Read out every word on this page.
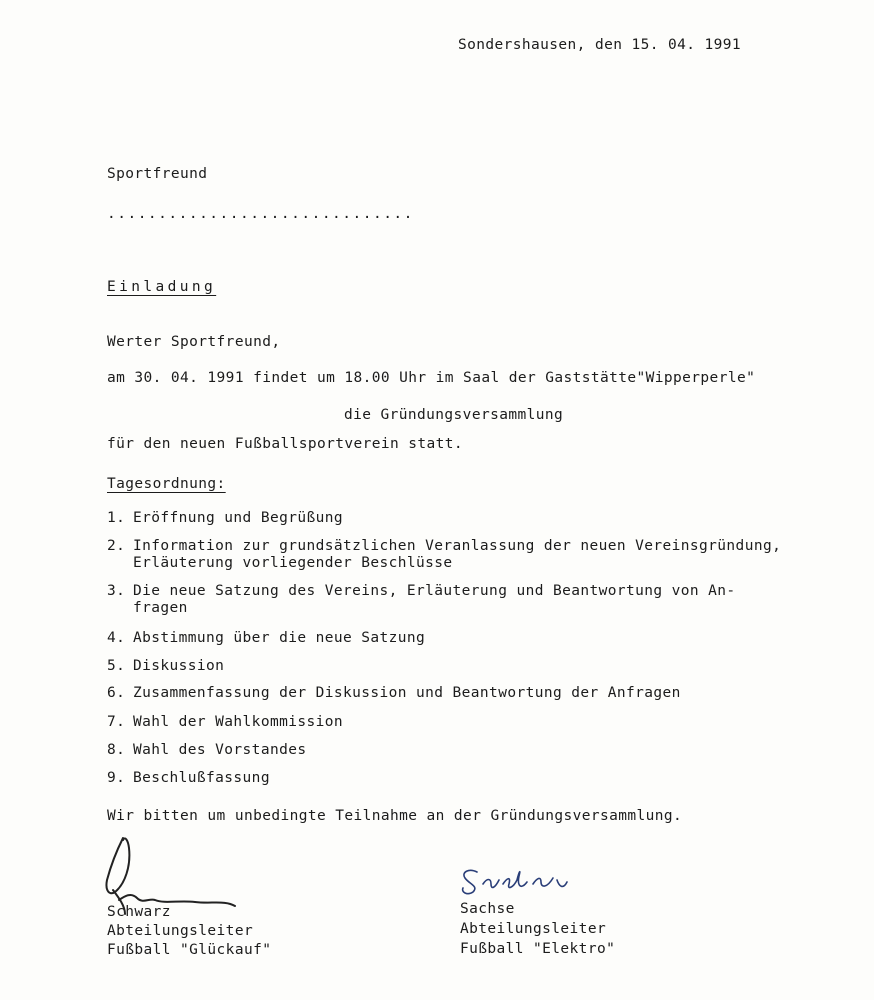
Sondershausen, den 15. 04. 1991
Sportfreund
..............................
Einladung
Werter Sportfreund,
am 30. 04. 1991 findet um 18.00 Uhr im Saal der Gaststätte"Wipperperle"
die Gründungsversammlung
für den neuen Fußballsportverein statt.
Tagesordnung:
1. Eröffnung und Begrüßung
2. Information zur grundsätzlichen Veranlassung der neuen Vereinsgründung,
Erläuterung vorliegender Beschlüsse
3. Die neue Satzung des Vereins, Erläuterung und Beantwortung von An-
fragen
4. Abstimmung über die neue Satzung
5. Diskussion
6. Zusammenfassung der Diskussion und Beantwortung der Anfragen
7. Wahl der Wahlkommission
8. Wahl des Vorstandes
9. Beschlußfassung
Wir bitten um unbedingte Teilnahme an der Gründungsversammlung.
Schwarz
Abteilungsleiter
Fußball "Glückauf"
Sachse
Abteilungsleiter
Fußball "Elektro"
